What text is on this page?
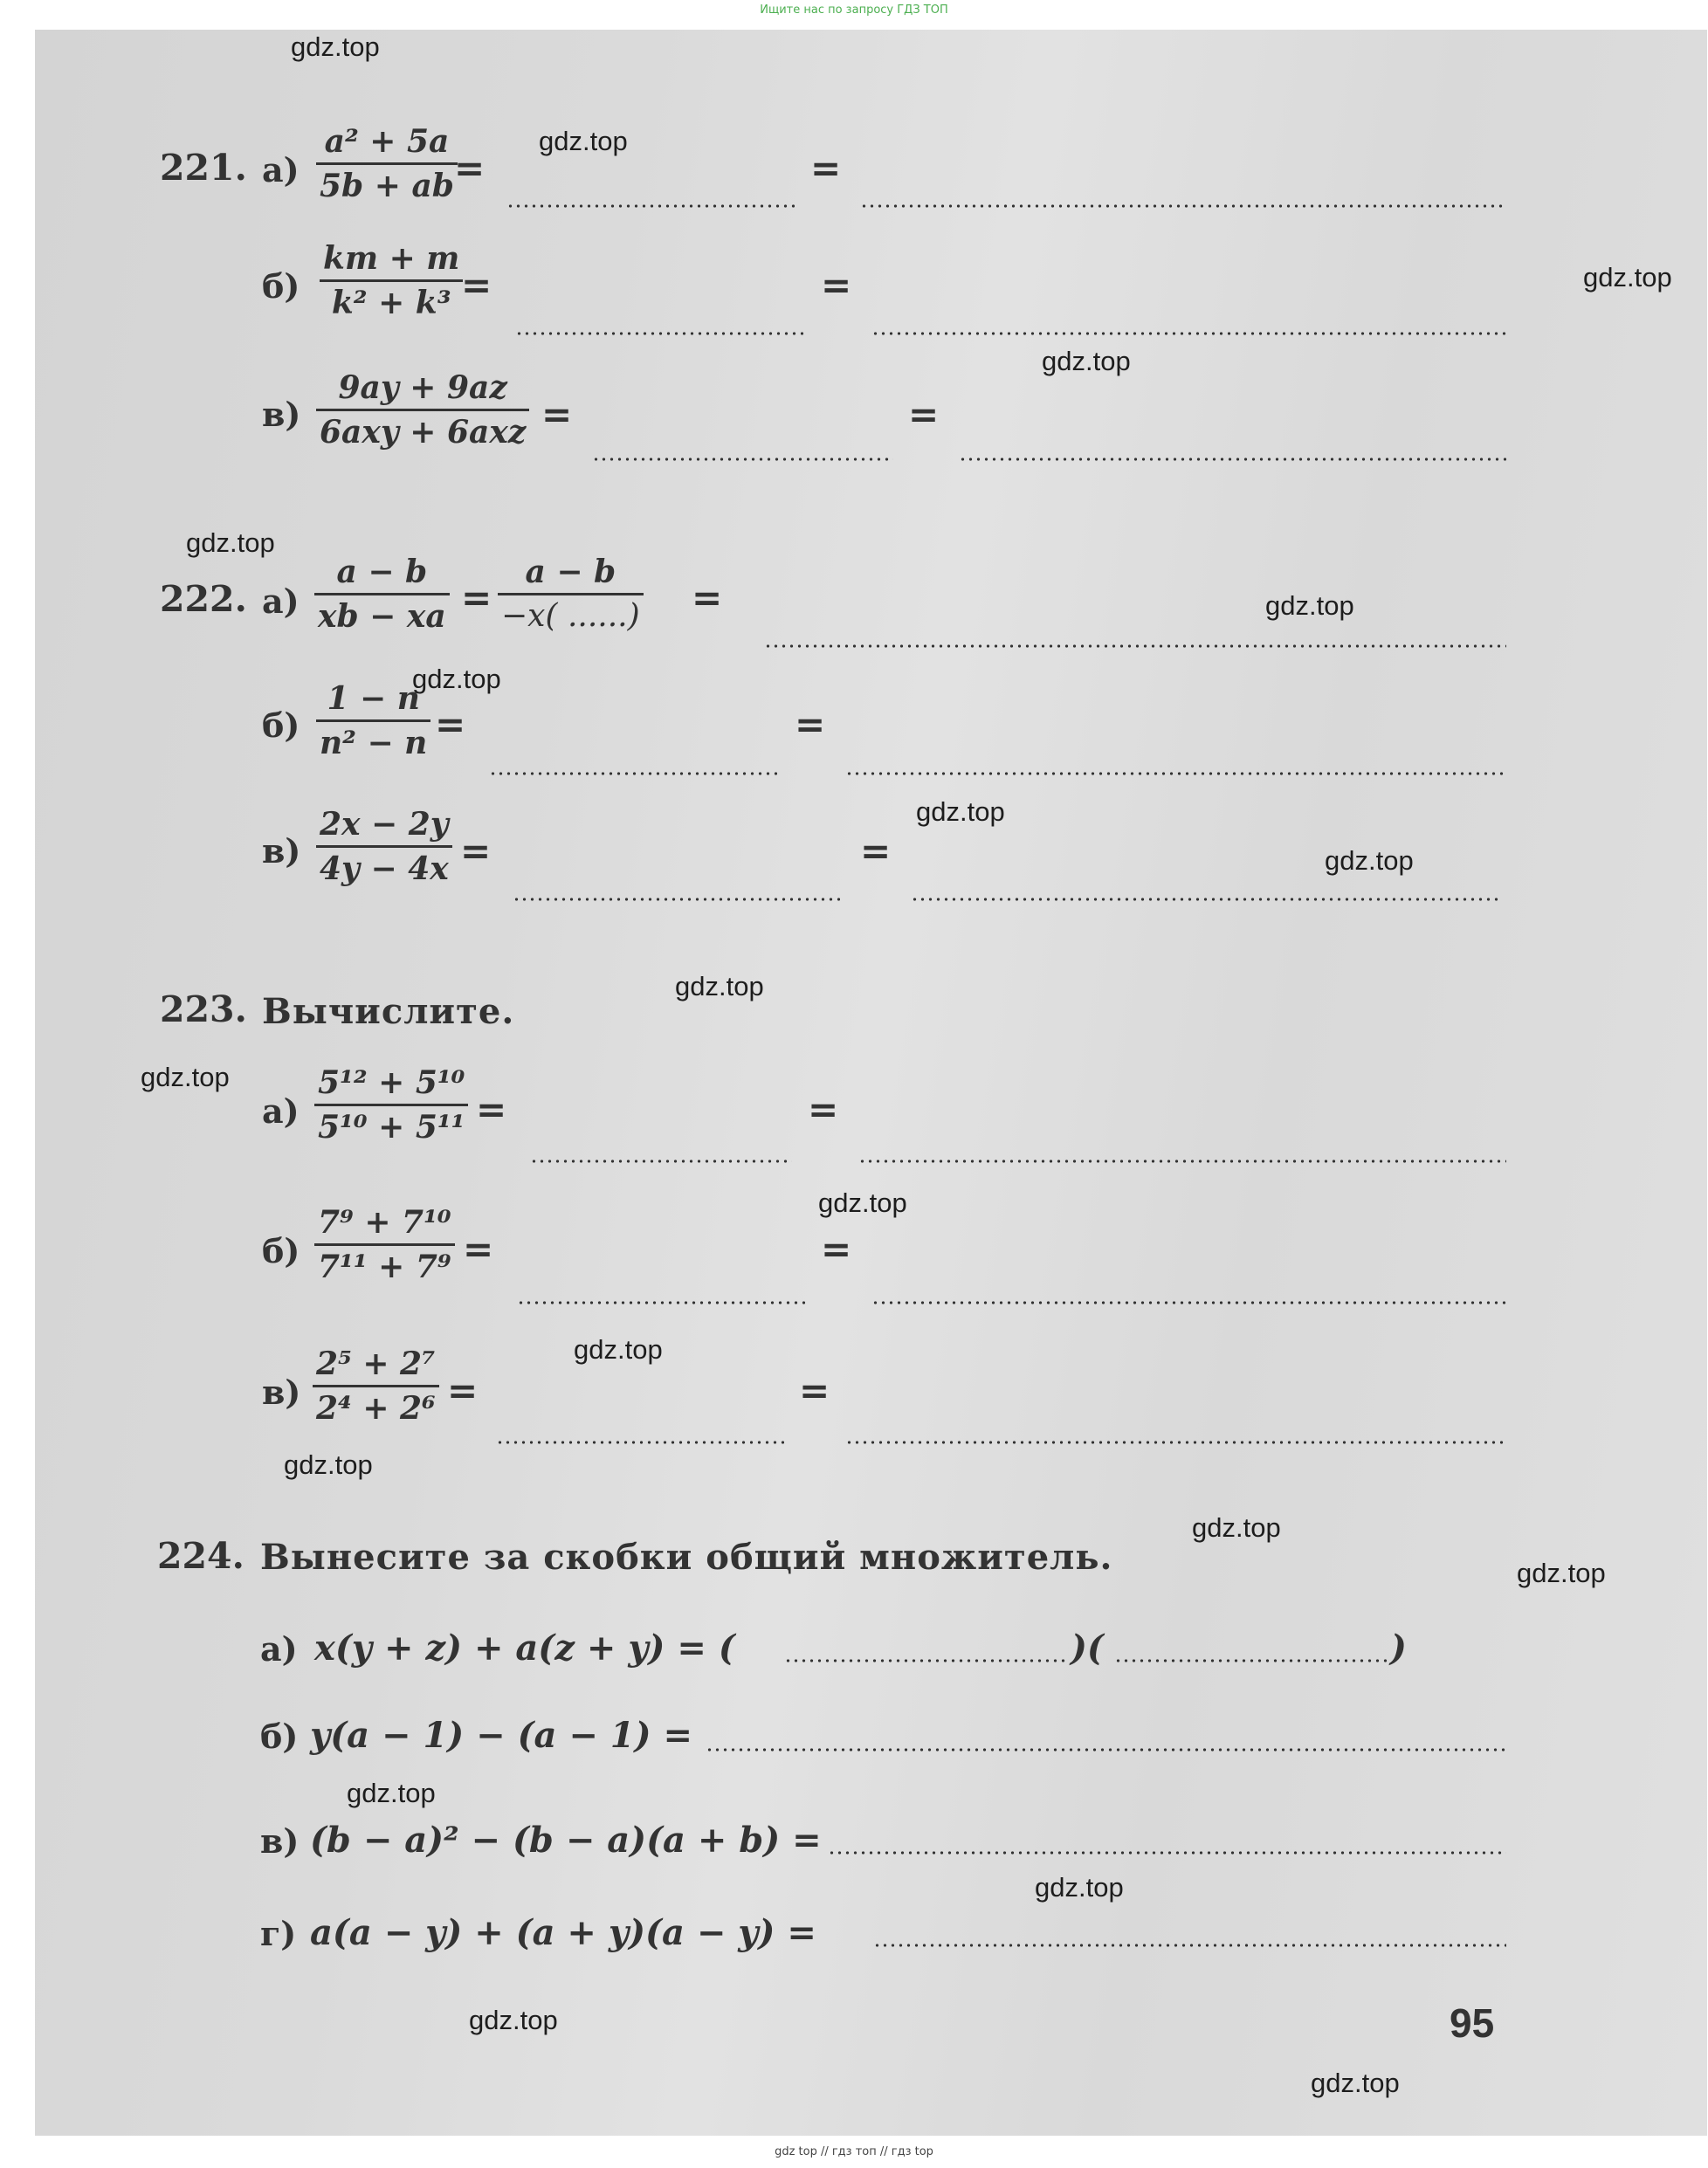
Ищите нас по запросу ГДЗ ТОП
gdz.top
gdz.top
gdz.top
gdz.top
gdz.top
gdz.top
gdz.top
gdz.top
gdz.top
gdz.top
gdz.top
gdz.top
gdz.top
gdz.top
gdz.top
gdz.top
gdz.top
gdz.top
gdz.top
gdz.top
221. а)
a² + 5a
5b + ab =	=
б)
km + m
k² + k³ =	=
в)
9ay + 9az
6axy + 6axz =	=
222. а)
a − b
xb − xa =
a − b
−x( ......) =
б)
1 − n
n² − n =	=
в)
2x − 2y
4y − 4x =	=
223. Вычислите.
а)
5¹² + 5¹⁰
5¹⁰ + 5¹¹ =	=
б)
7⁹ + 7¹⁰
7¹¹ + 7⁹ =	=
в)
2⁵ + 2⁷
2⁴ + 2⁶ =	=
224. Вынесите за скобки общий множитель.
а) x(y + z) + a(z + y) = (	)(	)
б) y(a − 1) − (a − 1) =
в) (b − a)² − (b − a)(a + b) =
г) a(a − y) + (a + y)(a − y) =
95
gdz top // гдз топ // гдз top
